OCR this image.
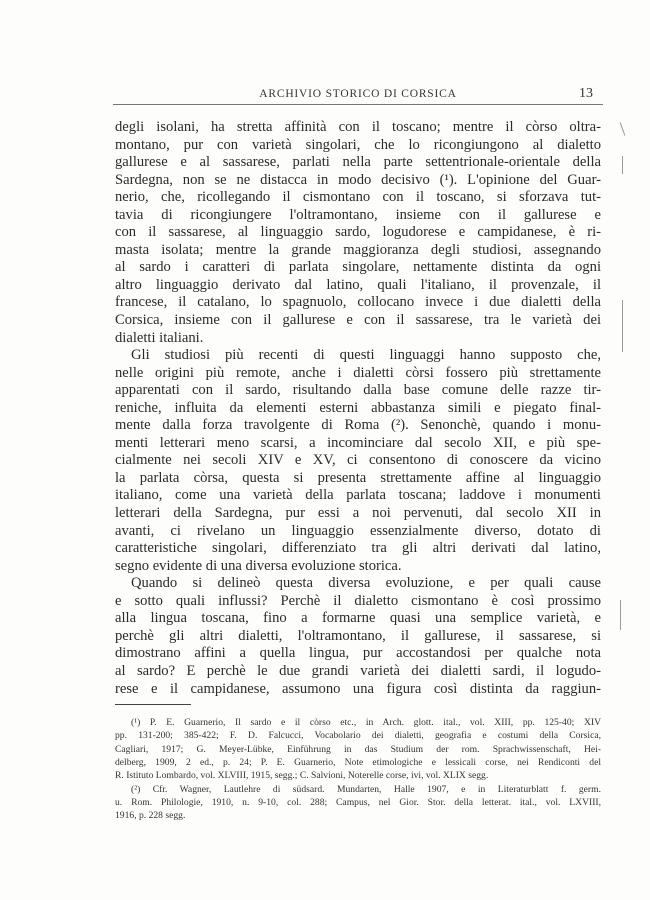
ARCHIVIO STORICO DI CORSICA	13
degli isolani, ha stretta affinità con il toscano; mentre il còrso oltra-
montano, pur con varietà singolari, che lo ricongiungono al dialetto
gallurese e al sassarese, parlati nella parte settentrionale-orientale della
Sardegna, non se ne distacca in modo decisivo (¹). L'opinione del Guar-
nerio, che, ricollegando il cismontano con il toscano, si sforzava tut-
tavia di ricongiungere l'oltramontano, insieme con il gallurese e
con il sassarese, al linguaggio sardo, logudorese e campidanese, è ri-
masta isolata; mentre la grande maggioranza degli studiosi, assegnando
al sardo i caratteri di parlata singolare, nettamente distinta da ogni
altro linguaggio derivato dal latino, quali l'italiano, il provenzale, il
francese, il catalano, lo spagnuolo, collocano invece i due dialetti della
Corsica, insieme con il gallurese e con il sassarese, tra le varietà dei
dialetti italiani.
Gli studiosi più recenti di questi linguaggi hanno supposto che,
nelle origini più remote, anche i dialetti còrsi fossero più strettamente
apparentati con il sardo, risultando dalla base comune delle razze tir-
reniche, influita da elementi esterni abbastanza simili e piegato final-
mente dalla forza travolgente di Roma (²). Senonchè, quando i monu-
menti letterari meno scarsi, a incominciare dal secolo XII, e più spe-
cialmente nei secoli XIV e XV, ci consentono di conoscere da vicino
la parlata còrsa, questa si presenta strettamente affine al linguaggio
italiano, come una varietà della parlata toscana; laddove i monumenti
letterari della Sardegna, pur essi a noi pervenuti, dal secolo XII in
avanti, ci rivelano un linguaggio essenzialmente diverso, dotato di
caratteristiche singolari, differenziato tra gli altri derivati dal latino,
segno evidente di una diversa evoluzione storica.
Quando si delineò questa diversa evoluzione, e per quali cause
e sotto quali influssi? Perchè il dialetto cismontano è così prossimo
alla lingua toscana, fino a formarne quasi una semplice varietà, e
perchè gli altri dialetti, l'oltramontano, il gallurese, il sassarese, si
dimostrano affini a quella lingua, pur accostandosi per qualche nota
al sardo? E perchè le due grandi varietà dei dialetti sardi, il logudo-
rese e il campidanese, assumono una figura così distinta da raggiun-
(¹) P. E. Guarnerio, Il sardo e il còrso etc., in Arch. glott. ital., vol. XIII, pp. 125-40; XIV
pp. 131-200; 385-422; F. D. Falcucci, Vocabolario dei dialetti, geografia e costumi della Corsica,
Cagliari, 1917; G. Meyer-Lübke, Einführung in das Studium der rom. Sprachwissenschaft, Hei-
delberg, 1909, 2 ed., p. 24; P. E. Guarnerio, Note etimologiche e lessicali corse, nei Rendiconti del
R. Istituto Lombardo, vol. XLVIII, 1915, segg.; C. Salvioni, Noterelle corse, ivi, vol. XLIX segg.
(²) Cfr. Wagner, Lautlehre di südsard. Mundarten, Halle 1907, e in Literaturblatt f. germ.
u. Rom. Philologie, 1910, n. 9-10, col. 288; Campus, nel Gior. Stor. della letterat. ital., vol. LXVIII,
1916, p. 228 segg.
